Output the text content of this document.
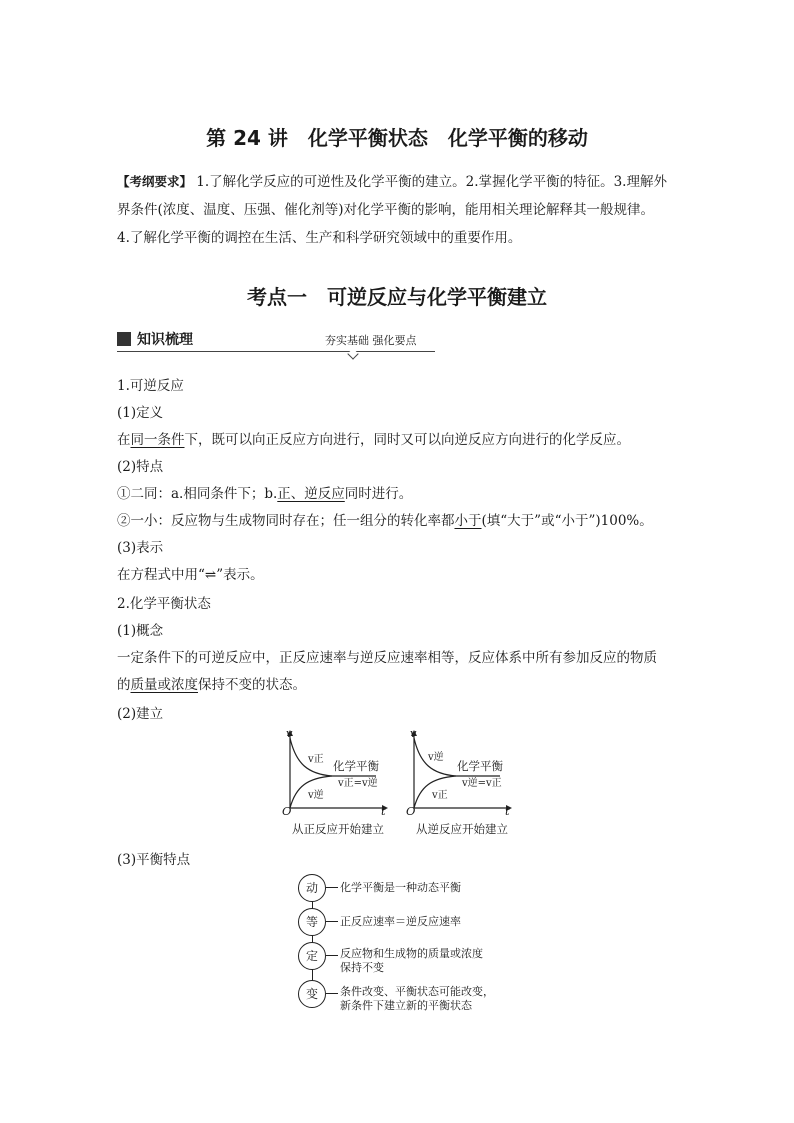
第 24 讲　化学平衡状态　化学平衡的移动
【考纲要求】 1.了解化学反应的可逆性及化学平衡的建立。2.掌握化学平衡的特征。3.理解外
界条件(浓度、温度、压强、催化剂等)对化学平衡的影响，能用相关理论解释其一般规律。
4.了解化学平衡的调控在生活、生产和科学研究领域中的重要作用。
考点一　可逆反应与化学平衡建立
知识梳理	夯实基础 强化要点
1.可逆反应
(1)定义
在同一条件下，既可以向正反应方向进行，同时又可以向逆反应方向进行的化学反应。
(2)特点
①二同：a.相同条件下；b.正、逆反应同时进行。
②一小：反应物与生成物同时存在；任一组分的转化率都小于(填“大于”或“小于”)100%。
(3)表示
在方程式中用“⇌”表示。
2.化学平衡状态
(1)概念
一定条件下的可逆反应中，正反应速率与逆反应速率相等，反应体系中所有参加反应的物质
的质量或浓度保持不变的状态。
(2)建立
v
t
O
v正
v逆
化学平衡
v正=v逆
从正反应开始建立
v
t
O
v逆
v正
化学平衡
v逆=v正
从逆反应开始建立
(3)平衡特点
动	化学平衡是一种动态平衡
等	正反应速率＝逆反应速率
定	反应物和生成物的质量或浓度
保持不变
变	条件改变、平衡状态可能改变，
新条件下建立新的平衡状态
